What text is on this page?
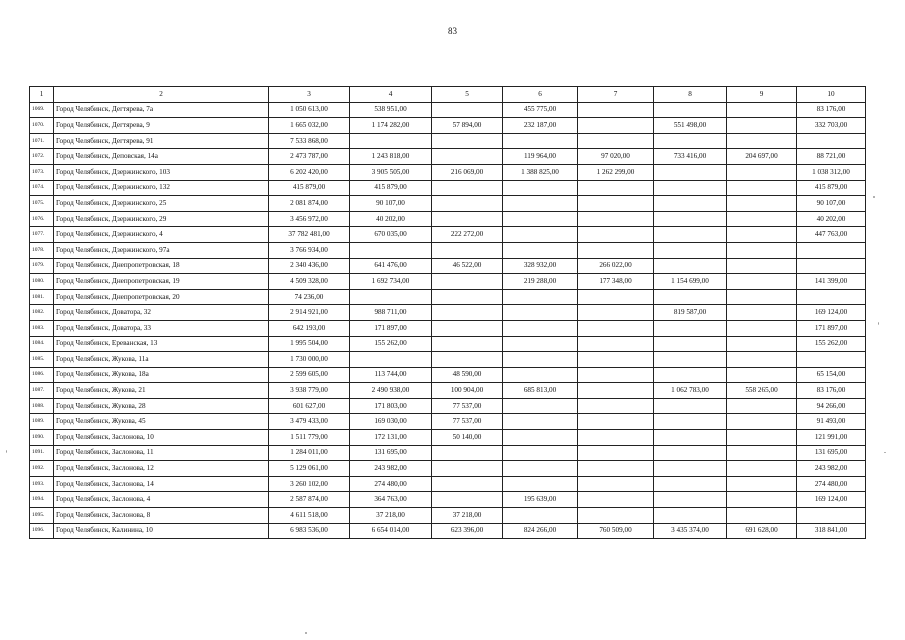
83
1	2	3	4	5	6	7	8	9	10
1069.	Город Челябинск, Дегтярева, 7а	1 050 613,00	538 951,00		455 775,00				83 176,00
1070.	Город Челябинск, Дегтярева, 9	1 665 032,00	1 174 282,00	57 894,00	232 187,00		551 498,00		332 703,00
1071.	Город Челябинск, Дегтярева, 91	7 533 868,00							
1072.	Город Челябинск, Деповская, 14а	2 473 787,00	1 243 818,00		119 964,00	97 020,00	733 416,00	204 697,00	88 721,00
1073.	Город Челябинск, Дзержинского, 103	6 202 420,00	3 905 505,00	216 069,00	1 388 825,00	1 262 299,00			1 038 312,00
1074.	Город Челябинск, Дзержинского, 132	415 879,00	415 879,00						415 879,00
1075.	Город Челябинск, Дзержинского, 25	2 081 874,00	90 107,00						90 107,00
1076.	Город Челябинск, Дзержинского, 29	3 456 972,00	40 202,00						40 202,00
1077.	Город Челябинск, Дзержинского, 4	37 782 481,00	670 035,00	222 272,00					447 763,00
1078.	Город Челябинск, Дзержинского, 97а	3 766 934,00							
1079.	Город Челябинск, Днепропетровская, 18	2 340 436,00	641 476,00	46 522,00	328 932,00	266 022,00			
1080.	Город Челябинск, Днепропетровская, 19	4 509 328,00	1 692 734,00		219 288,00	177 348,00	1 154 699,00		141 399,00
1081.	Город Челябинск, Днепропетровская, 20	74 236,00							
1082.	Город Челябинск, Доватора, 32	2 914 921,00	988 711,00				819 587,00		169 124,00
1083.	Город Челябинск, Доватора, 33	642 193,00	171 897,00						171 897,00
1084.	Город Челябинск, Ереванская, 13	1 995 504,00	155 262,00						155 262,00
1085.	Город Челябинск, Жукова, 11а	1 730 000,00							
1086.	Город Челябинск, Жукова, 18а	2 599 605,00	113 744,00	48 590,00					65 154,00
1087.	Город Челябинск, Жукова, 21	3 938 779,00	2 490 938,00	100 904,00	685 813,00		1 062 783,00	558 265,00	83 176,00
1088.	Город Челябинск, Жукова, 28	601 627,00	171 803,00	77 537,00					94 266,00
1089.	Город Челябинск, Жукова, 45	3 479 433,00	169 030,00	77 537,00					91 493,00
1090.	Город Челябинск, Заслонова, 10	1 511 779,00	172 131,00	50 140,00					121 991,00
1091.	Город Челябинск, Заслонова, 11	1 284 011,00	131 695,00						131 695,00
1092.	Город Челябинск, Заслонова, 12	5 129 061,00	243 982,00						243 982,00
1093.	Город Челябинск, Заслонова, 14	3 260 102,00	274 480,00						274 480,00
1094.	Город Челябинск, Заслонова, 4	2 587 874,00	364 763,00		195 639,00				169 124,00
1095.	Город Челябинск, Заслонова, 8	4 611 518,00	37 218,00	37 218,00					
1096.	Город Челябинск, Калинина, 10	6 983 536,00	6 654 014,00	623 396,00	824 266,00	760 509,00	3 435 374,00	691 628,00	318 841,00
